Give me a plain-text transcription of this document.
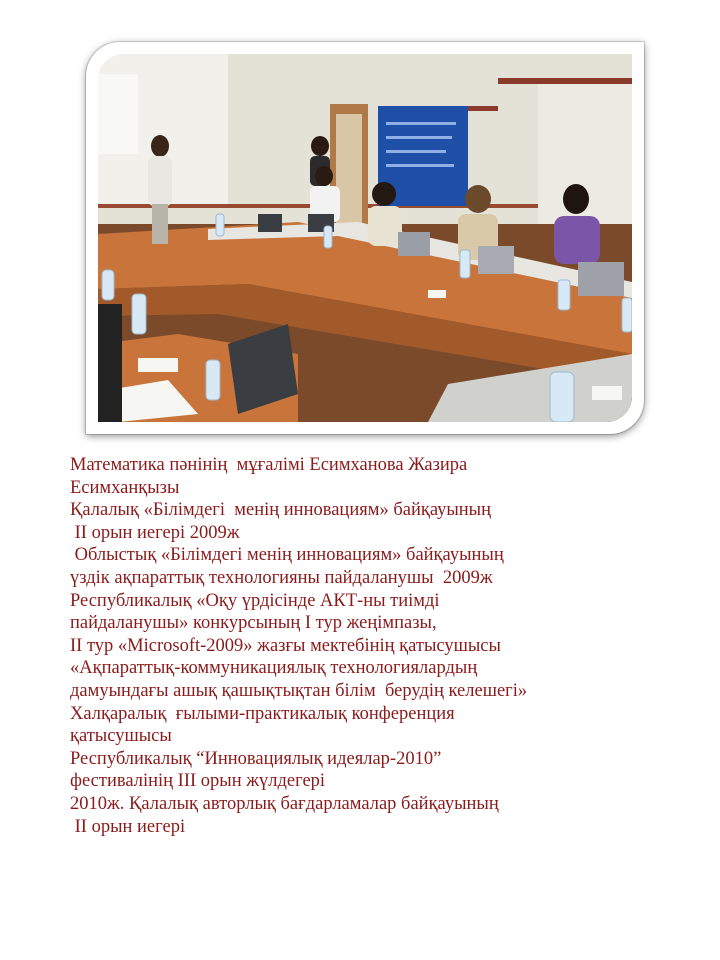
Математика пәнінің  мұғалімі Есимханова Жазира
Есимханқызы
Қалалық «Білімдегі  менің инновациям» байқауының
ІІ орын иегері 2009ж
Облыстық «Білімдегі менің инновациям» байқауының
үздік ақпараттық технологияны пайдаланушы  2009ж
Республикалық «Оқу үрдісінде АКТ-ны тиімді
пайдаланушы» конкурсының І тур жеңімпазы,
ІІ тур «Microsoft-2009» жазғы мектебінің қатысушысы
«Ақпараттық-коммуникациялық технологиялардың
дамуындағы ашық қашықтықтан білім  берудің келешегі»
Халқаралық  ғылыми-практикалық конференция
қатысушысы
Республикалық “Инновациялық идеялар-2010”
фестивалінің ІІІ орын жүлдегері
2010ж. Қалалық авторлық бағдарламалар байқауының
ІІ орын иегері
